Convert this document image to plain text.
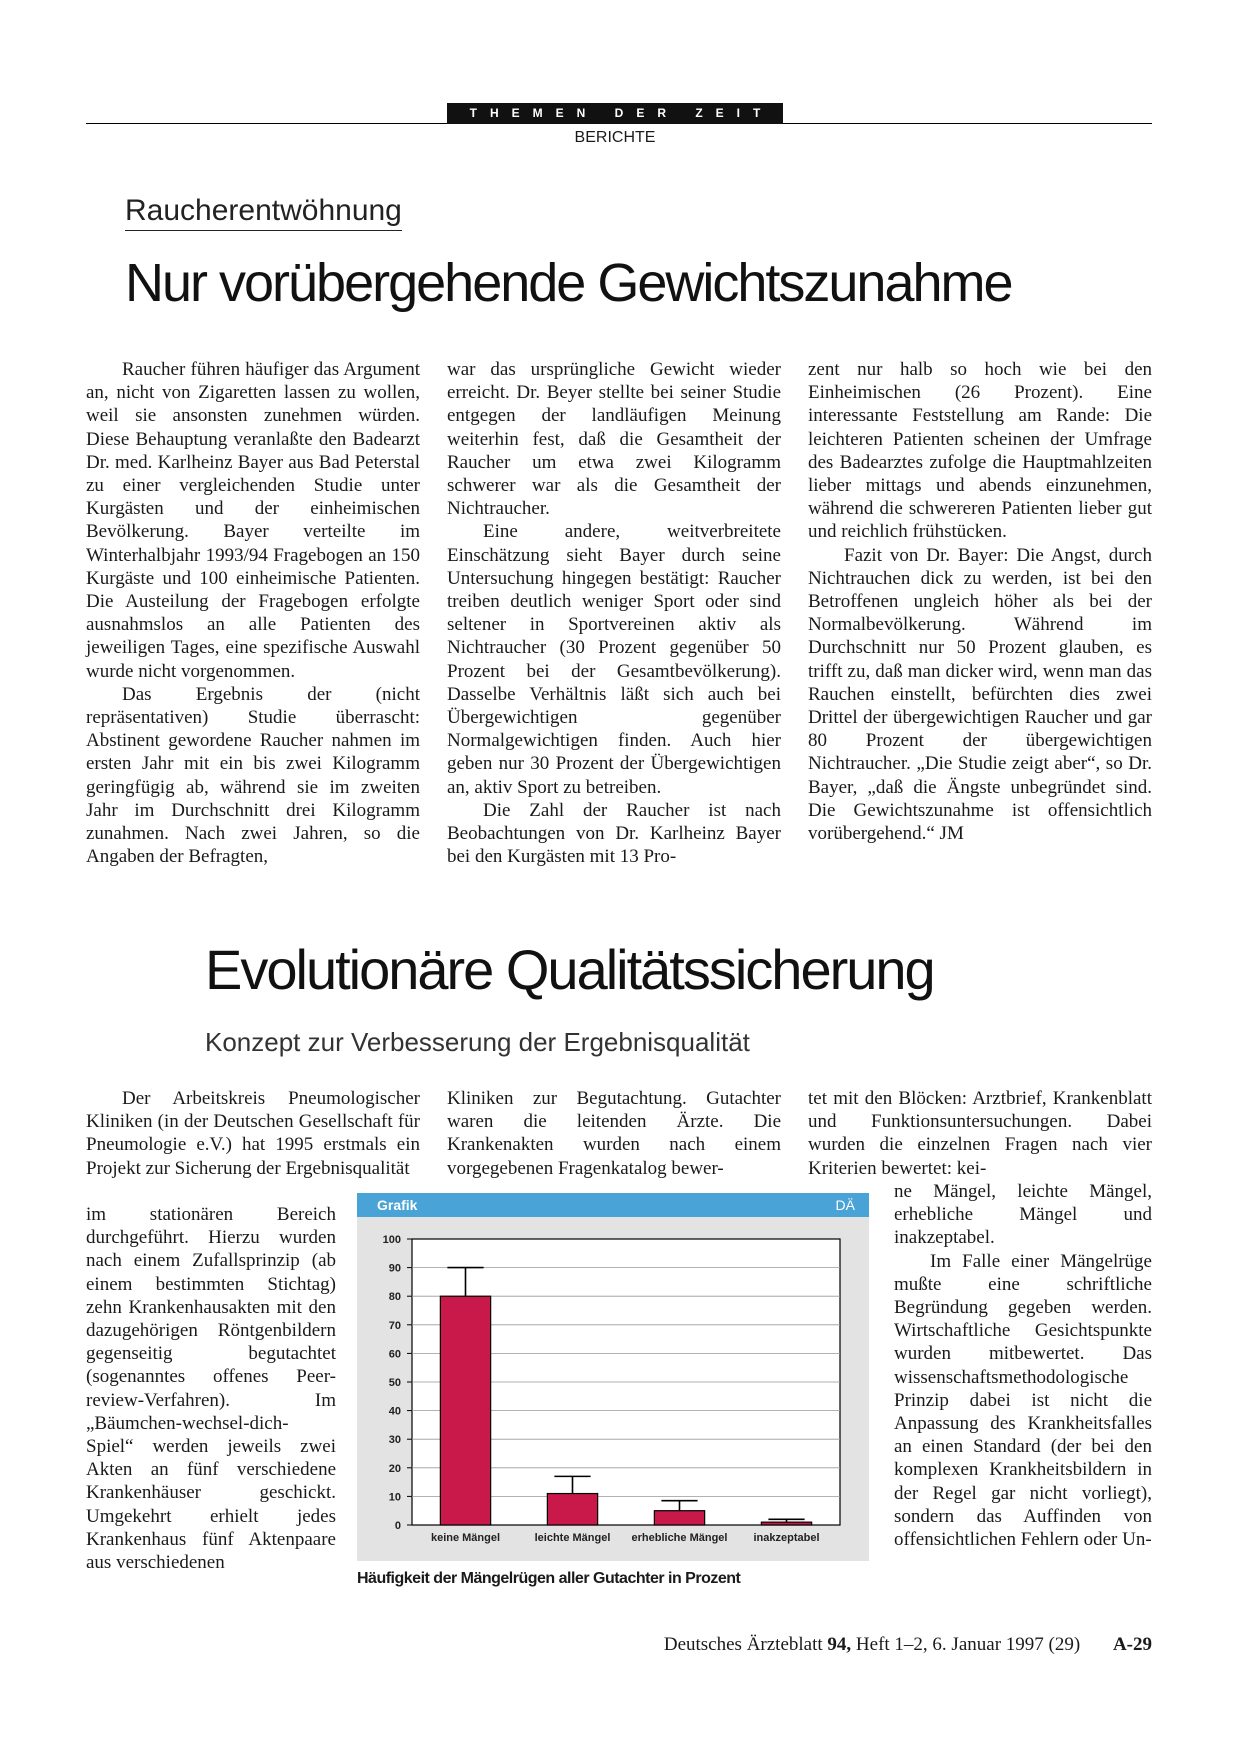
THEMEN DER ZEIT
BERICHTE
Raucherentwöhnung
Nur vorübergehende Gewichtszunahme

Raucher führen häufiger das Argument an, nicht von Zigaretten lassen zu wollen, weil sie ansonsten zunehmen würden. Diese Behauptung veranlaßte den Badearzt Dr. med. Karlheinz Bayer aus Bad Peterstal zu einer vergleichenden Studie unter Kurgästen und der einheimischen Bevölkerung. Bayer verteilte im Winterhalbjahr 1993/94 Fragebogen an 150 Kurgäste und 100 einheimische Patienten. Die Austeilung der Fragebogen erfolgte ausnahmslos an alle Patienten des jeweiligen Tages, eine spezifische Auswahl wurde nicht vorgenommen.

Das Ergebnis der (nicht repräsentativen) Studie überrascht: Abstinent gewordene Raucher nahmen im ersten Jahr mit ein bis zwei Kilogramm geringfügig ab, während sie im zweiten Jahr im Durchschnitt drei Kilogramm zunahmen. Nach zwei Jahren, so die Angaben der Befragten,

war das ursprüngliche Gewicht wieder erreicht. Dr. Beyer stellte bei seiner Studie entgegen der landläufigen Meinung weiterhin fest, daß die Gesamtheit der Raucher um etwa zwei Kilogramm schwerer war als die Gesamtheit der Nichtraucher.

Eine andere, weitverbreitete Einschätzung sieht Bayer durch seine Untersuchung hingegen bestätigt: Raucher treiben deutlich weniger Sport oder sind seltener in Sportvereinen aktiv als Nichtraucher (30 Prozent gegenüber 50 Prozent bei der Gesamtbevölkerung). Dasselbe Verhältnis läßt sich auch bei Übergewichtigen gegenüber Normalgewichtigen finden. Auch hier geben nur 30 Prozent der Übergewichtigen an, aktiv Sport zu betreiben.

Die Zahl der Raucher ist nach Beobachtungen von Dr. Karlheinz Bayer bei den Kurgästen mit 13 Pro-

zent nur halb so hoch wie bei den Einheimischen (26 Prozent). Eine interessante Feststellung am Rande: Die leichteren Patienten scheinen der Umfrage des Badearztes zufolge die Hauptmahlzeiten lieber mittags und abends einzunehmen, während die schwereren Patienten lieber gut und reichlich frühstücken.

Fazit von Dr. Bayer: Die Angst, durch Nichtrauchen dick zu werden, ist bei den Betroffenen ungleich höher als bei der Normalbevölkerung. Während im Durchschnitt nur 50 Prozent glauben, es trifft zu, daß man dicker wird, wenn man das Rauchen einstellt, befürchten dies zwei Drittel der übergewichtigen Raucher und gar 80 Prozent der übergewichtigen Nichtraucher. „Die Studie zeigt aber“, so Dr. Bayer, „daß die Ängste unbegründet sind. Die Gewichtszunahme ist offensichtlich vorübergehend.“ JM

Evolutionäre Qualitätssicherung
Konzept zur Verbesserung der Ergebnisqualität

Der Arbeitskreis Pneumologischer Kliniken (in der Deutschen Gesellschaft für Pneumologie e.V.) hat 1995 erstmals ein Projekt zur Sicherung der Ergebnisqualität

im stationären Bereich durchgeführt. Hierzu wurden nach einem Zufallsprinzip (ab einem bestimmten Stichtag) zehn Krankenhausakten mit den dazugehörigen Röntgenbildern gegenseitig begutachtet (sogenanntes offenes Peer-review-Verfahren). Im „Bäumchen-wechsel-dich-Spiel“ werden jeweils zwei Akten an fünf verschiedene Krankenhäuser geschickt. Umgekehrt erhielt jedes Krankenhaus fünf Aktenpaare aus verschiedenen

Kliniken zur Begutachtung. Gutachter waren die leitenden Ärzte. Die Krankenakten wurden nach einem vorgegebenen Fragenkatalog bewer-

tet mit den Blöcken: Arztbrief, Krankenblatt und Funktionsuntersuchungen. Dabei wurden die einzelnen Fragen nach vier Kriterien bewertet: kei-

ne Mängel, leichte Mängel, erhebliche Mängel und inakzeptabel.

Im Falle einer Mängelrüge mußte eine schriftliche Begründung gegeben werden. Wirtschaftliche Gesichtspunkte wurden mitbewertet. Das wissenschaftsmethodologische Prinzip dabei ist nicht die Anpassung des Krankheitsfalles an einen Standard (der bei den komplexen Krankheitsbildern in der Regel gar nicht vorliegt), sondern das Auffinden von offensichtlichen Fehlern oder Un-

Grafik	DÄ
0
10
20
30
40
50
60
70
80
90
100
keine Mängel	leichte Mängel erhebliche Mängel inakzeptabel
Häufigkeit der Mängelrügen aller Gutachter in Prozent
Deutsches Ärzteblatt 94, Heft 1–2, 6. Januar 1997 (29) A-29
